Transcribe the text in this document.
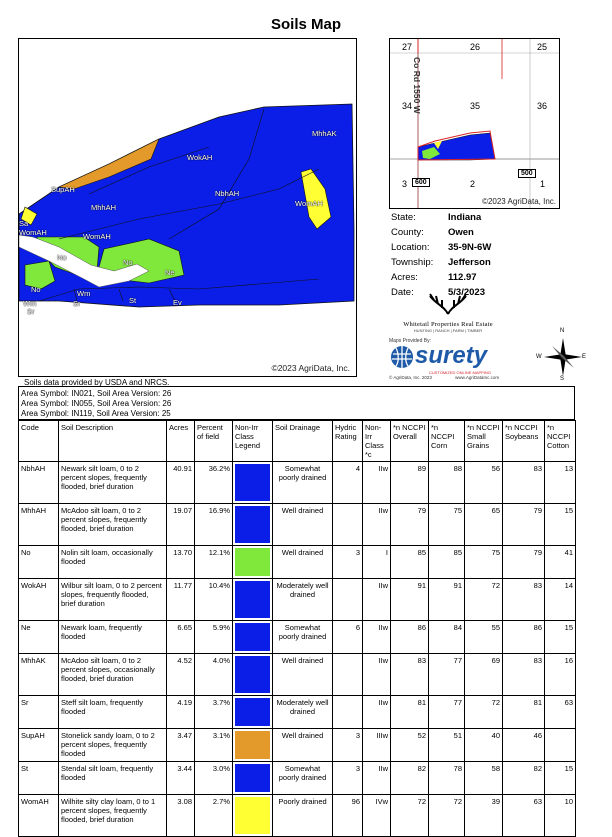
Soils Map
MhhAK
WokAH
SupAH	NbhAH
MhhAH	WomAH
WomAH
No
No
No
Ne
Wm
Sr	St	Ev
Sr
Wm
Sa
WomAH
©2023 AgriData, Inc.
27	26	25
34	35	36
3	2	1
Co Rd 1550 W
600
500
©2023 AgriData, Inc.
State:	Indiana
County:	Owen
Location: 35-9N-6W
Township: Jefferson
Acres:	112.97
Date:	5/3/2023
Whitetail Properties Real Estate
HUNTING | RANCH | FARM | TIMBER
Maps Provided By:
surety
CUSTOMIZED ONLINE MAPPING
© AgriData, Inc. 2023	www.AgriDataInc.com
N
S
E
W
Soils data provided by USDA and NRCS.
Area Symbol: IN021, Soil Area Version: 26
Area Symbol: IN055, Soil Area Version: 26
Area Symbol: IN119, Soil Area Version: 25
Code	Soil Description	Acres	Percent of field	Non-Irr Class Legend	Soil Drainage	Hydric Rating	Non-Irr Class *c	*n NCCPI Overall	*n NCCPI Corn	*n NCCPI Small Grains	*n NCCPI Soybeans	*n NCCPI Cotton
NbhAH	Newark silt loam, 0 to 2 percent slopes, frequently flooded, brief duration	40.91	36.2%		Somewhat poorly drained	4	IIw	89	88	56	83	13
MhhAH	McAdoo silt loam, 0 to 2 percent slopes, frequently flooded, brief duration	19.07	16.9%		Well drained		IIw	79	75	65	79	15
No	Nolin silt loam, occasionally flooded	13.70	12.1%		Well drained	3	I	85	85	75	79	41
WokAH	Wilbur silt loam, 0 to 2 percent slopes, frequently flooded, brief duration	11.77	10.4%		Moderately well drained		IIw	91	91	72	83	14
Ne	Newark loam, frequently flooded	6.65	5.9%		Somewhat poorly drained	6	IIw	86	84	55	86	15
MhhAK	McAdoo silt loam, 0 to 2 percent slopes, occasionally flooded, brief duration	4.52	4.0%		Well drained		IIw	83	77	69	83	16
Sr	Steff silt loam, frequently flooded	4.19	3.7%		Moderately well drained		IIw	81	77	72	81	63
SupAH	Stonelick sandy loam, 0 to 2 percent slopes, frequently flooded	3.47	3.1%		Well drained	3	IIIw	52	51	40	46	
St	Stendal silt loam, frequently flooded	3.44	3.0%		Somewhat poorly drained	3	IIw	82	78	58	82	15
WomAH	Wilhite silty clay loam, 0 to 1 percent slopes, frequently flooded, brief duration	3.08	2.7%		Poorly drained	96	IVw	72	72	39	63	10
